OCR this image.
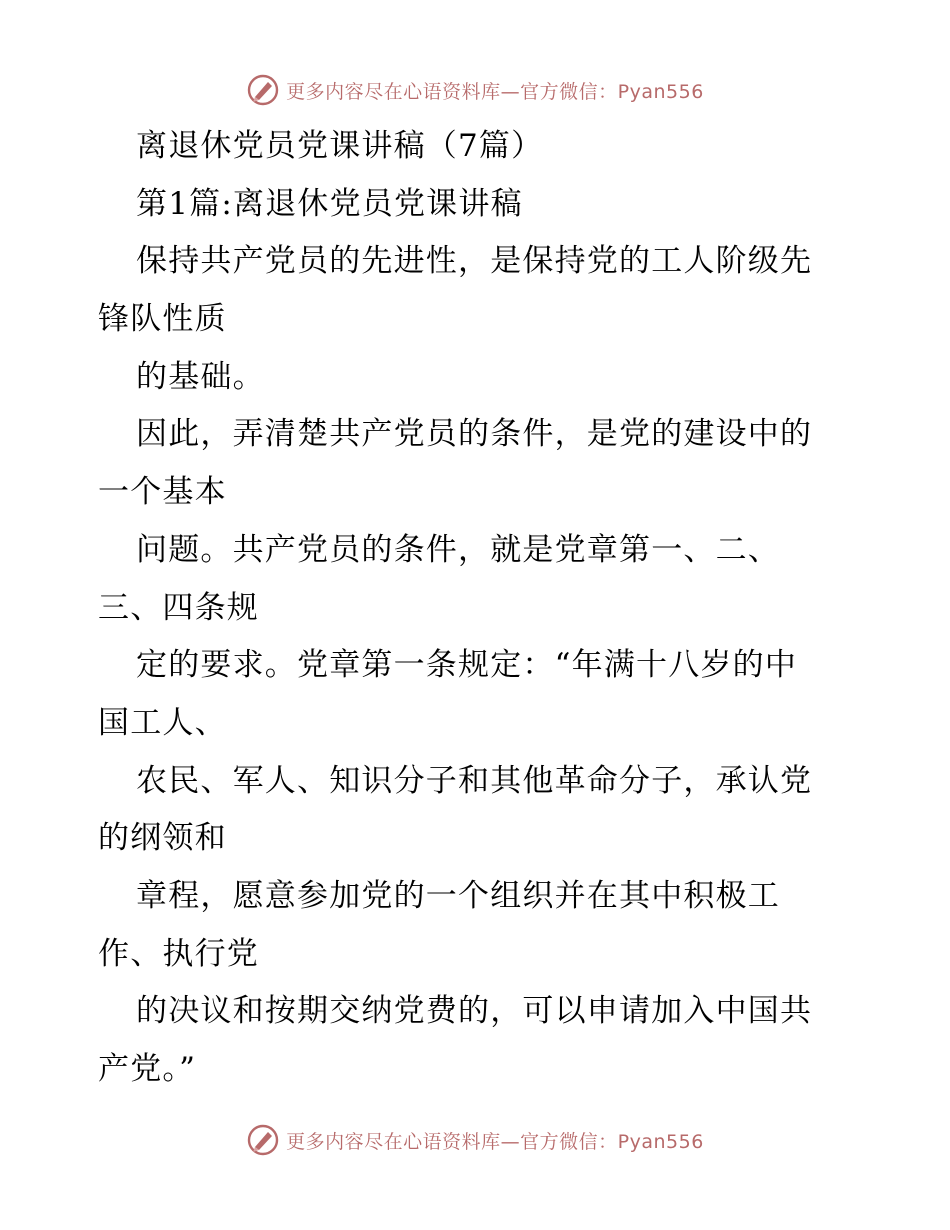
更多内容尽在心语资料库—官方微信：Pyan556
离退休党员党课讲稿（7篇）
第1篇:离退休党员党课讲稿
保持共产党员的先进性，是保持党的工人阶级先
锋队性质
的基础。
因此，弄清楚共产党员的条件，是党的建设中的
一个基本
问题。共产党员的条件，就是党章第一、二、
三、四条规
定的要求。党章第一条规定：“年满十八岁的中
国工人、
农民、军人、知识分子和其他革命分子，承认党
的纲领和
章程，愿意参加党的一个组织并在其中积极工
作、执行党
的决议和按期交纳党费的，可以申请加入中国共
产党。”
更多内容尽在心语资料库—官方微信：Pyan556
